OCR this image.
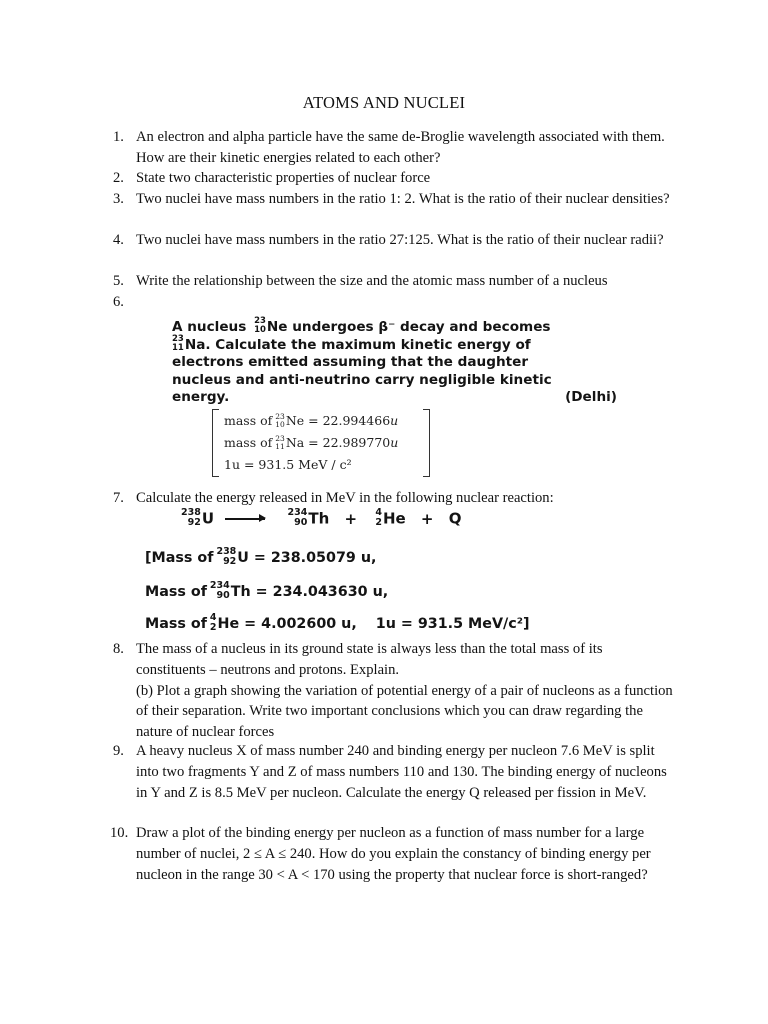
ATOMS AND NUCLEI
1. An electron and alpha particle have the same de-Broglie wavelength associated with them. How are their kinetic energies related to each other?
2. State two characteristic properties of nuclear force
3. Two nuclei have mass numbers in the ratio 1: 2. What is the ratio of their nuclear densities?
4. Two nuclei have mass numbers in the ratio 27:125. What is the ratio of their nuclear radii?
5. Write the relationship between the size and the atomic mass number of a nucleus
6.
A nucleus 23
10 Ne undergoes β⁻ decay and becomes
23
11 Na. Calculate the maximum kinetic energy of
electrons emitted assuming that the daughter
nucleus and anti-neutrino carry negligible kinetic
energy.	(Delhi)
mass of 23
10 Ne = 22.994466u
mass of 23
11 Na = 22.989770u
1u = 931.5 MeV / c²
7. Calculate the energy released in MeV in the following nuclear reaction:
238
92 U →
234
90 Th + 4
2 He + Q
[Mass of 238
92 U = 238.05079 u,
Mass of 234
90 Th = 234.043630 u,
Mass of 4
2 He = 4.002600 u, 1u = 931.5 MeV/c²]
8. The mass of a nucleus in its ground state is always less than the total mass of its constituents – neutrons and protons. Explain.
(b) Plot a graph showing the variation of potential energy of a pair of nucleons as a function of their separation. Write two important conclusions which you can draw regarding the nature of nuclear forces
9. A heavy nucleus X of mass number 240 and binding energy per nucleon 7.6 MeV is split into two fragments Y and Z of mass numbers 110 and 130. The binding energy of nucleons in Y and Z is 8.5 MeV per nucleon. Calculate the energy Q released per fission in MeV.
10. Draw a plot of the binding energy per nucleon as a function of mass number for a large number of nuclei, 2 ≤ A ≤ 240. How do you explain the constancy of binding energy per nucleon in the range 30 < A < 170 using the property that nuclear force is short-ranged?
